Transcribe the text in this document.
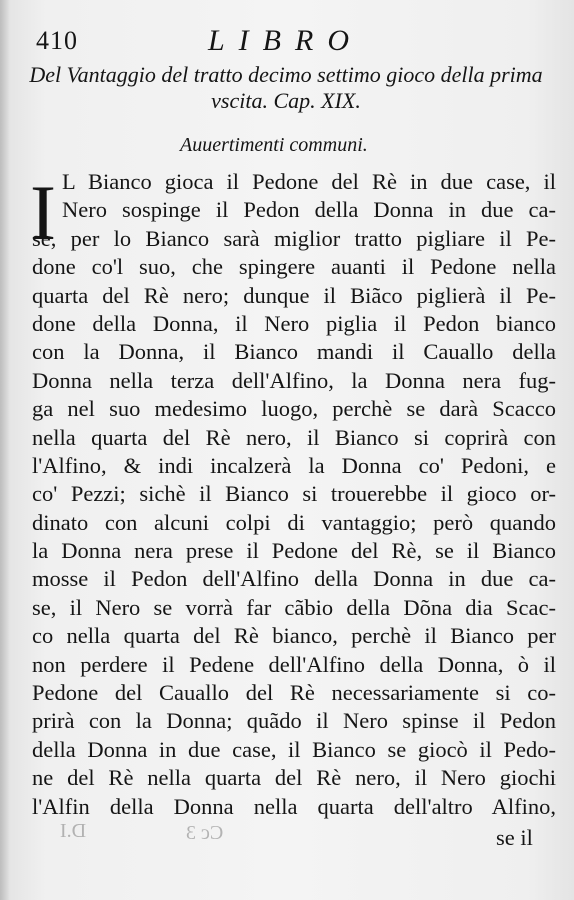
410	LIBRO
Del Vantaggio del tratto decimo settimo gioco della prima
vscita. Cap. XIX.
Auuertimenti communi.
I L Bianco gioca il Pedone del Rè in due case, il
Nero sospinge il Pedon della Donna in due ca-
se, per lo Bianco sarà miglior tratto pigliare il Pe-
done co'l suo, che spingere auanti il Pedone nella
quarta del Rè nero; dunque il Biãco piglierà il Pe-
done della Donna, il Nero piglia il Pedon bianco
con la Donna, il Bianco mandi il Cauallo della
Donna nella terza dell'Alfino, la Donna nera fug-
ga nel suo medesimo luogo, perchè se darà Scacco
nella quarta del Rè nero, il Bianco si coprirà con
l'Alfino, & indi incalzerà la Donna co' Pedoni, e
co' Pezzi; sichè il Bianco si trouerebbe il gioco or-
dinato con alcuni colpi di vantaggio; però quando
la Donna nera prese il Pedone del Rè, se il Bianco
mosse il Pedon dell'Alfino della Donna in due ca-
se, il Nero se vorrà far cãbio della Dõna dia Scac-
co nella quarta del Rè bianco, perchè il Bianco per
non perdere il Pedene dell'Alfino della Donna, ò il
Pedone del Cauallo del Rè necessariamente si co-
prirà con la Donna; quãdo il Nero spinse il Pedon
della Donna in due case, il Bianco se giocò il Pedo-
ne del Rè nella quarta del Rè nero, il Nero giochi
l'Alfin della Donna nella quarta dell'altro Alfino,
D.I	Cc 3	se il
